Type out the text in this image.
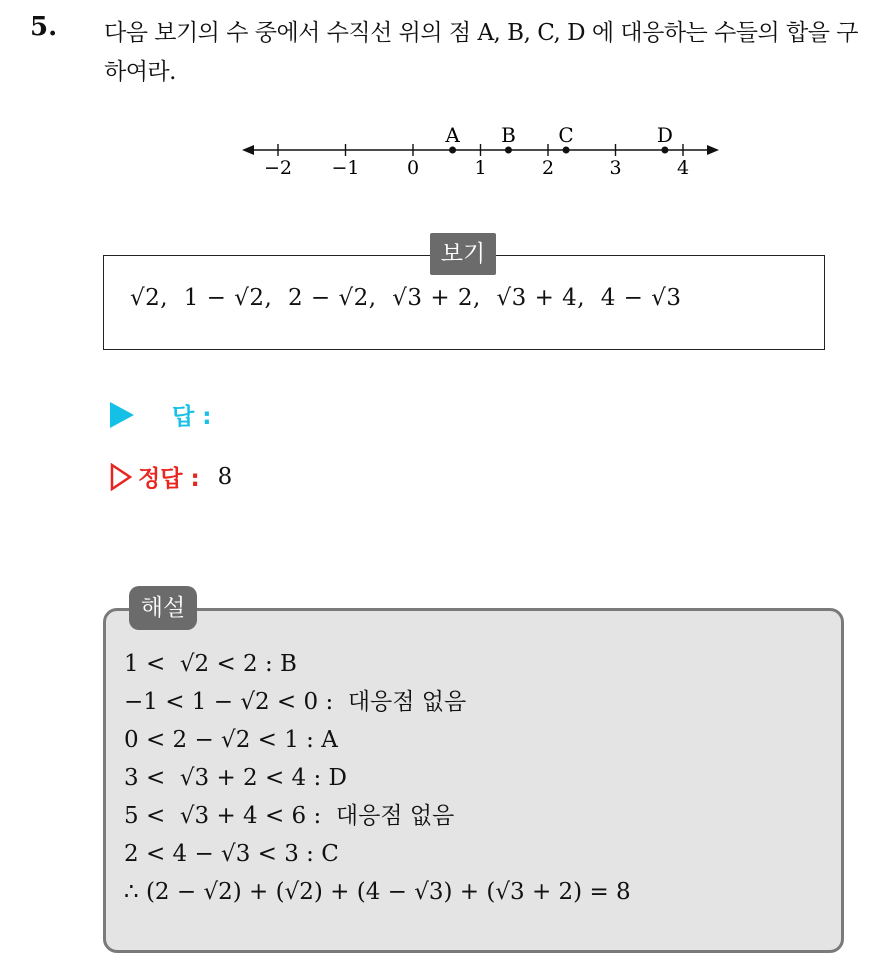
5. 다음 보기의 수 중에서 수직선 위의 점 A, B, C, D 에 대응하는 수들의 합을 구하여라.
−2 −1 0	1	2	3	4
A B C	D
보기
√2,  1 − √2,  2 − √2,  √3 + 2,  √3 + 4,  4 − √3
답 :
정답 : 8
해설
1 <  √2 < 2 : B
−1 < 1 − √2 < 0 :  대응점 없음
0 < 2 − √2 < 1 : A
3 <  √3 + 2 < 4 : D
5 <  √3 + 4 < 6 :  대응점 없음
2 < 4 − √3 < 3 : C
∴ (2 − √2) + (√2) + (4 − √3) + (√3 + 2) = 8
